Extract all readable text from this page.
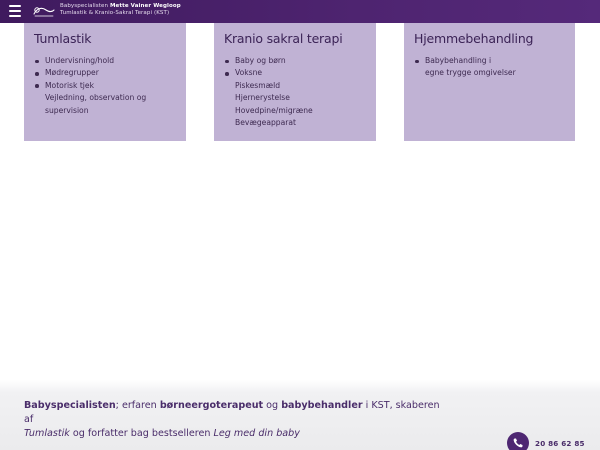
Babyspecialisten Mette Vainer Wegloop
Tumlastik & Kranio-Sakral Terapi (KST)
Tumlastik
Undervisning/hold
Mødregrupper
Motorisk tjek
Vejledning, observation og
supervision
Kranio sakral terapi
Baby og børn
Voksne
Piskesmæld
Hjernerystelse
Hovedpine/migræne
Bevægeapparat
Hjemmebehandling
Babybehandling i
egne trygge omgivelser

Babyspecialisten; erfaren børneergoterapeut og babybehandler i KST, skaberen af
Tumlastik og forfatter bag bestselleren Leg med din baby

20 86 62 85
